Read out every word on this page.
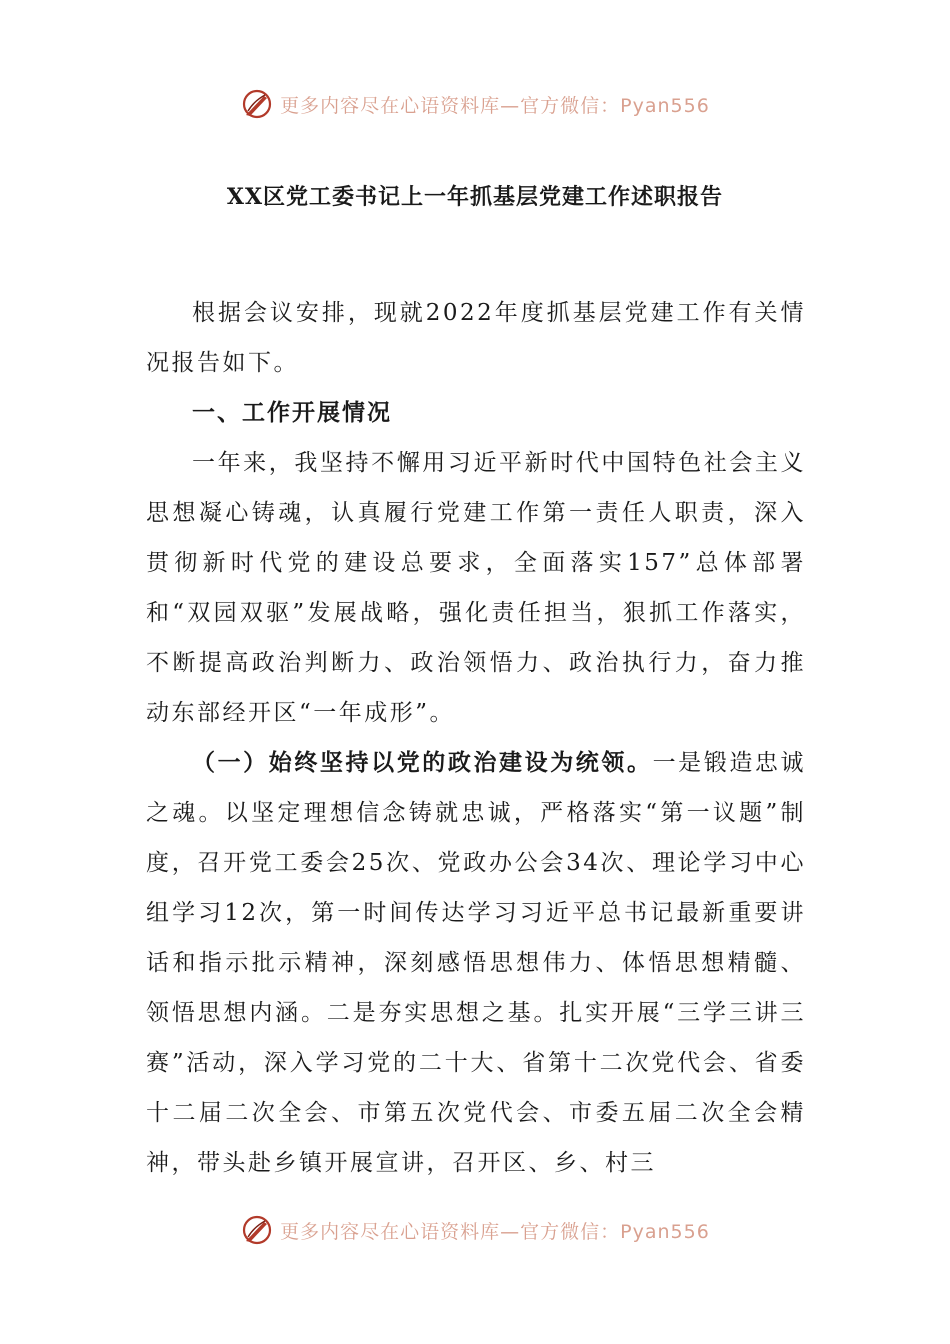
更多内容尽在心语资料库—官方微信：Pyan556
XX区党工委书记上一年抓基层党建工作述职报告

根据会议安排，现就2022年度抓基层党建工作有关情况报告如下。

一、工作开展情况

一年来，我坚持不懈用习近平新时代中国特色社会主义思想凝心铸魂，认真履行党建工作第一责任人职责，深入贯彻新时代党的建设总要求，全面落实157”总体部署和“双园双驱”发展战略，强化责任担当，狠抓工作落实，不断提高政治判断力、政治领悟力、政治执行力，奋力推动东部经开区“一年成形”。

（一）始终坚持以党的政治建设为统领。一是锻造忠诚之魂。以坚定理想信念铸就忠诚，严格落实“第一议题”制度，召开党工委会25次、党政办公会34次、理论学习中心组学习12次，第一时间传达学习习近平总书记最新重要讲话和指示批示精神，深刻感悟思想伟力、体悟思想精髓、领悟思想内涵。二是夯实思想之基。扎实开展“三学三讲三赛”活动，深入学习党的二十大、省第十二次党代会、省委十二届二次全会、市第五次党代会、市委五届二次全会精神，带头赴乡镇开展宣讲，召开区、乡、村三

更多内容尽在心语资料库—官方微信：Pyan556
